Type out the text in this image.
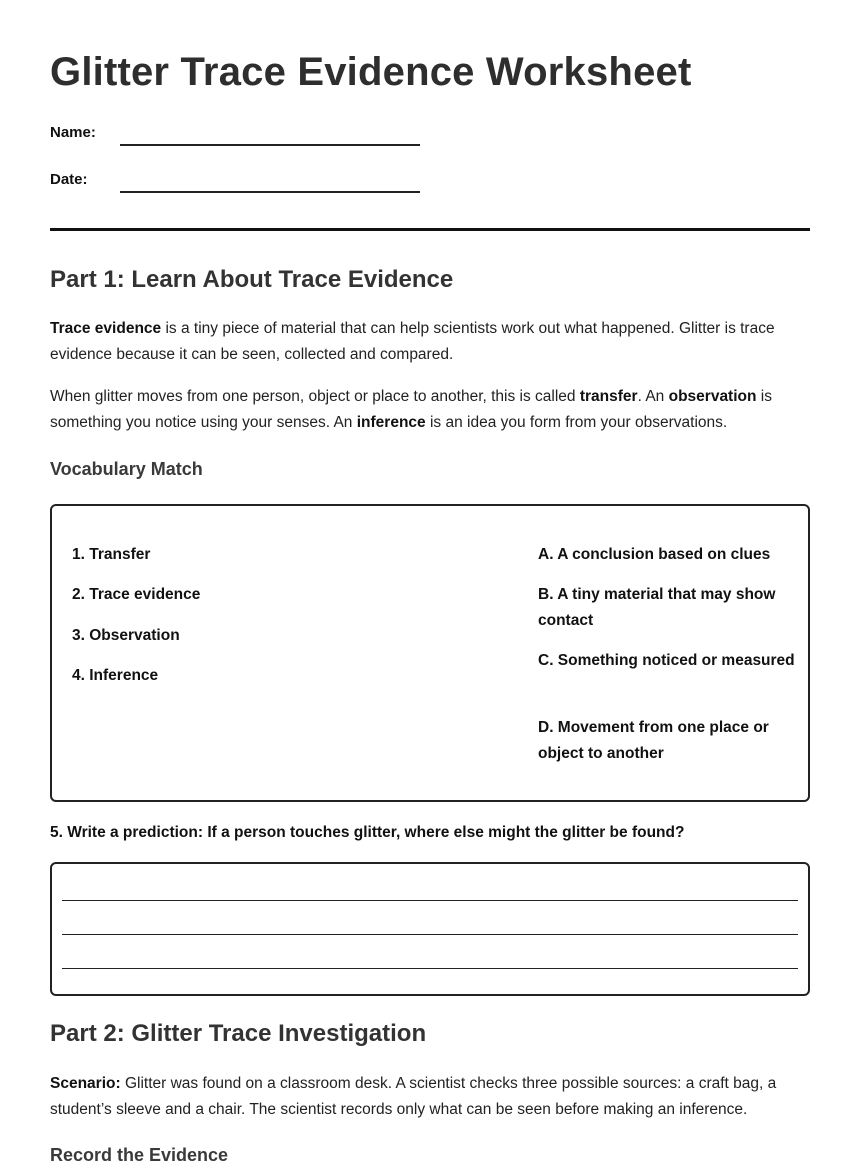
Glitter Trace Evidence Worksheet
Name:
Date:
Part 1: Learn About Trace Evidence

Trace evidence is a tiny piece of material that can help scientists work out what happened. Glitter is trace evidence because it can be seen, collected and compared.

When glitter moves from one person, object or place to another, this is called transfer. An observation is something you notice using your senses. An inference is an idea you form from your observations.

Vocabulary Match
1. Transfer
2. Trace evidence
3. Observation
4. Inference
A. A conclusion based on clues
B. A tiny material that may show contact
C. Something noticed or measured
D. Movement from one place or object to another
5. Write a prediction: If a person touches glitter, where else might the glitter be found?
Part 2: Glitter Trace Investigation

Scenario: Glitter was found on a classroom desk. A scientist checks three possible sources: a craft bag, a student’s sleeve and a chair. The scientist records only what can be seen before making an inference.

Record the Evidence
